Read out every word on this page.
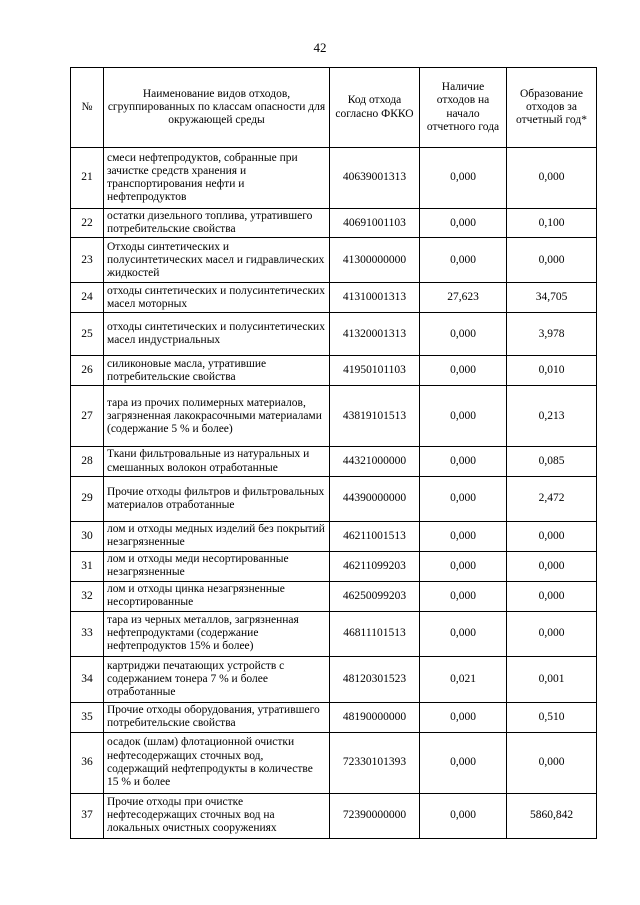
42
№	Наименование видов отходов, сгруппированных по классам опасности для окружающей среды	Код отхода согласно ФККО	Наличие отходов на начало отчетного года	Образование отходов за отчетный год*
21	смеси нефтепродуктов, собранные при зачистке средств хранения и транспортирования нефти и нефтепродуктов	40639001313	0,000	0,000
22	остатки дизельного топлива, утратившего потребительские свойства	40691001103	0,000	0,100
23	Отходы синтетических и полусинтетических масел и гидравлических жидкостей	41300000000	0,000	0,000
24	отходы синтетических и полусинтетических масел моторных	41310001313	27,623	34,705
25	отходы синтетических и полусинтетических масел индустриальных	41320001313	0,000	3,978
26	силиконовые масла, утратившие потребительские свойства	41950101103	0,000	0,010
27	тара из прочих полимерных материалов, загрязненная лакокрасочными материалами (содержание 5 % и более)	43819101513	0,000	0,213
28	Ткани фильтровальные из натуральных и смешанных волокон отработанные	44321000000	0,000	0,085
29	Прочие отходы фильтров и фильтровальных материалов отработанные	44390000000	0,000	2,472
30	лом и отходы медных изделий без покрытий незагрязненные	46211001513	0,000	0,000
31	лом и отходы меди несортированные незагрязненные	46211099203	0,000	0,000
32	лом и отходы цинка незагрязненные несортированные	46250099203	0,000	0,000
33	тара из черных металлов, загрязненная нефтепродуктами (содержание нефтепродуктов 15% и более)	46811101513	0,000	0,000
34	картриджи печатающих устройств с содержанием тонера 7 % и более отработанные	48120301523	0,021	0,001
35	Прочие отходы оборудования, утратившего потребительские свойства	48190000000	0,000	0,510
36	осадок (шлам) флотационной очистки нефтесодержащих сточных вод, содержащий нефтепродукты в количестве 15 % и более	72330101393	0,000	0,000
37	Прочие отходы при очистке нефтесодержащих сточных вод на локальных очистных сооружениях	72390000000	0,000	5860,842
